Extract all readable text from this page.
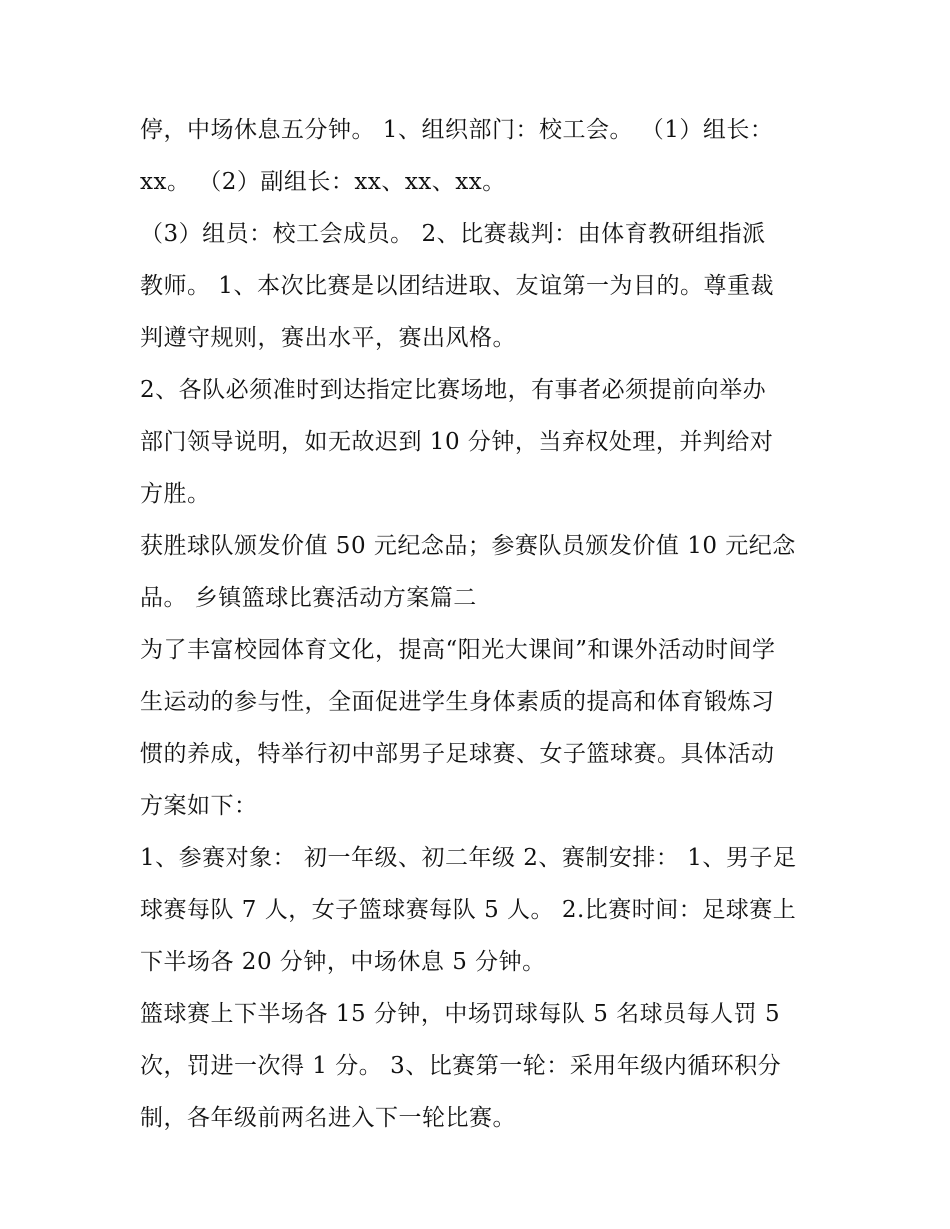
停，中场休息五分钟。 1、组织部门：校工会。 （1）组长：
xx。 （2）副组长：xx、xx、xx。
（3）组员：校工会成员。 2、比赛裁判：由体育教研组指派
教师。 1、本次比赛是以团结进取、友谊第一为目的。尊重裁
判遵守规则，赛出水平，赛出风格。
2、各队必须准时到达指定比赛场地，有事者必须提前向举办
部门领导说明，如无故迟到 10 分钟，当弃权处理，并判给对
方胜。
获胜球队颁发价值 50 元纪念品；参赛队员颁发价值 10 元纪念
品。 乡镇篮球比赛活动方案篇二
为了丰富校园体育文化，提高“阳光大课间”和课外活动时间学
生运动的参与性，全面促进学生身体素质的提高和体育锻炼习
惯的养成，特举行初中部男子足球赛、女子篮球赛。具体活动
方案如下：
1、参赛对象： 初一年级、初二年级 2、赛制安排： 1、男子足
球赛每队 7 人，女子篮球赛每队 5 人。 2.比赛时间：足球赛上
下半场各 20 分钟，中场休息 5 分钟。
篮球赛上下半场各 15 分钟，中场罚球每队 5 名球员每人罚 5
次，罚进一次得 1 分。 3、比赛第一轮：采用年级内循环积分
制，各年级前两名进入下一轮比赛。
